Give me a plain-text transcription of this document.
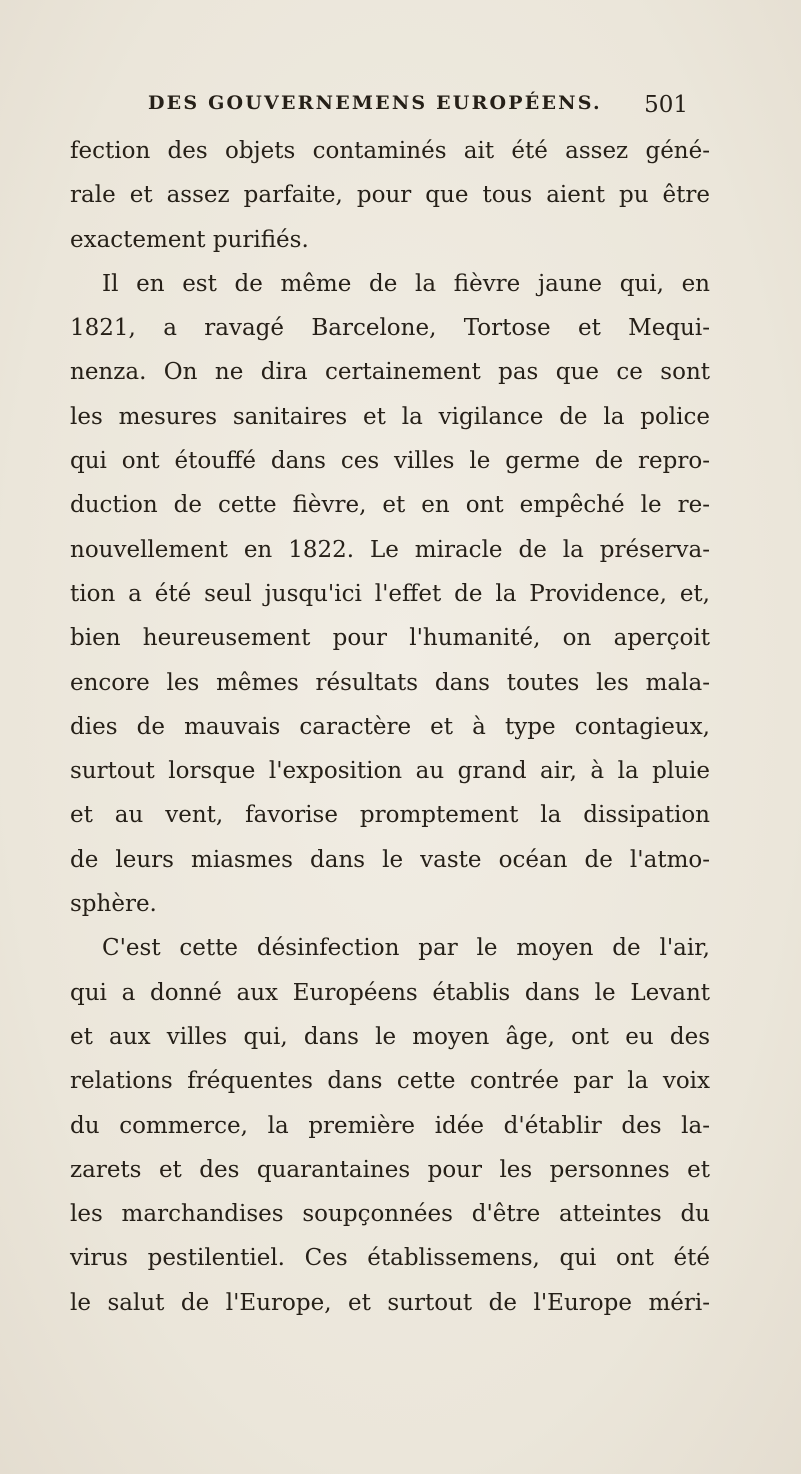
DES GOUVERNEMENS EUROPÉENS. 501
fection des objets contaminés ait été assez géné-
rale et assez parfaite, pour que tous aient pu être
exactement purifiés.
Il en est de même de la fièvre jaune qui, en
1821, a ravagé Barcelone, Tortose et Mequi-
nenza. On ne dira certainement pas que ce sont
les mesures sanitaires et la vigilance de la police
qui ont étouffé dans ces villes le germe de repro-
duction de cette fièvre, et en ont empêché le re-
nouvellement en 1822. Le miracle de la préserva-
tion a été seul jusqu'ici l'effet de la Providence, et,
bien heureusement pour l'humanité, on aperçoit
encore les mêmes résultats dans toutes les mala-
dies de mauvais caractère et à type contagieux,
surtout lorsque l'exposition au grand air, à la pluie
et au vent, favorise promptement la dissipation
de leurs miasmes dans le vaste océan de l'atmo-
sphère.
C'est cette désinfection par le moyen de l'air,
qui a donné aux Européens établis dans le Levant
et aux villes qui, dans le moyen âge, ont eu des
relations fréquentes dans cette contrée par la voix
du commerce, la première idée d'établir des la-
zarets et des quarantaines pour les personnes et
les marchandises soupçonnées d'être atteintes du
virus pestilentiel. Ces établissemens, qui ont été
le salut de l'Europe, et surtout de l'Europe méri-
